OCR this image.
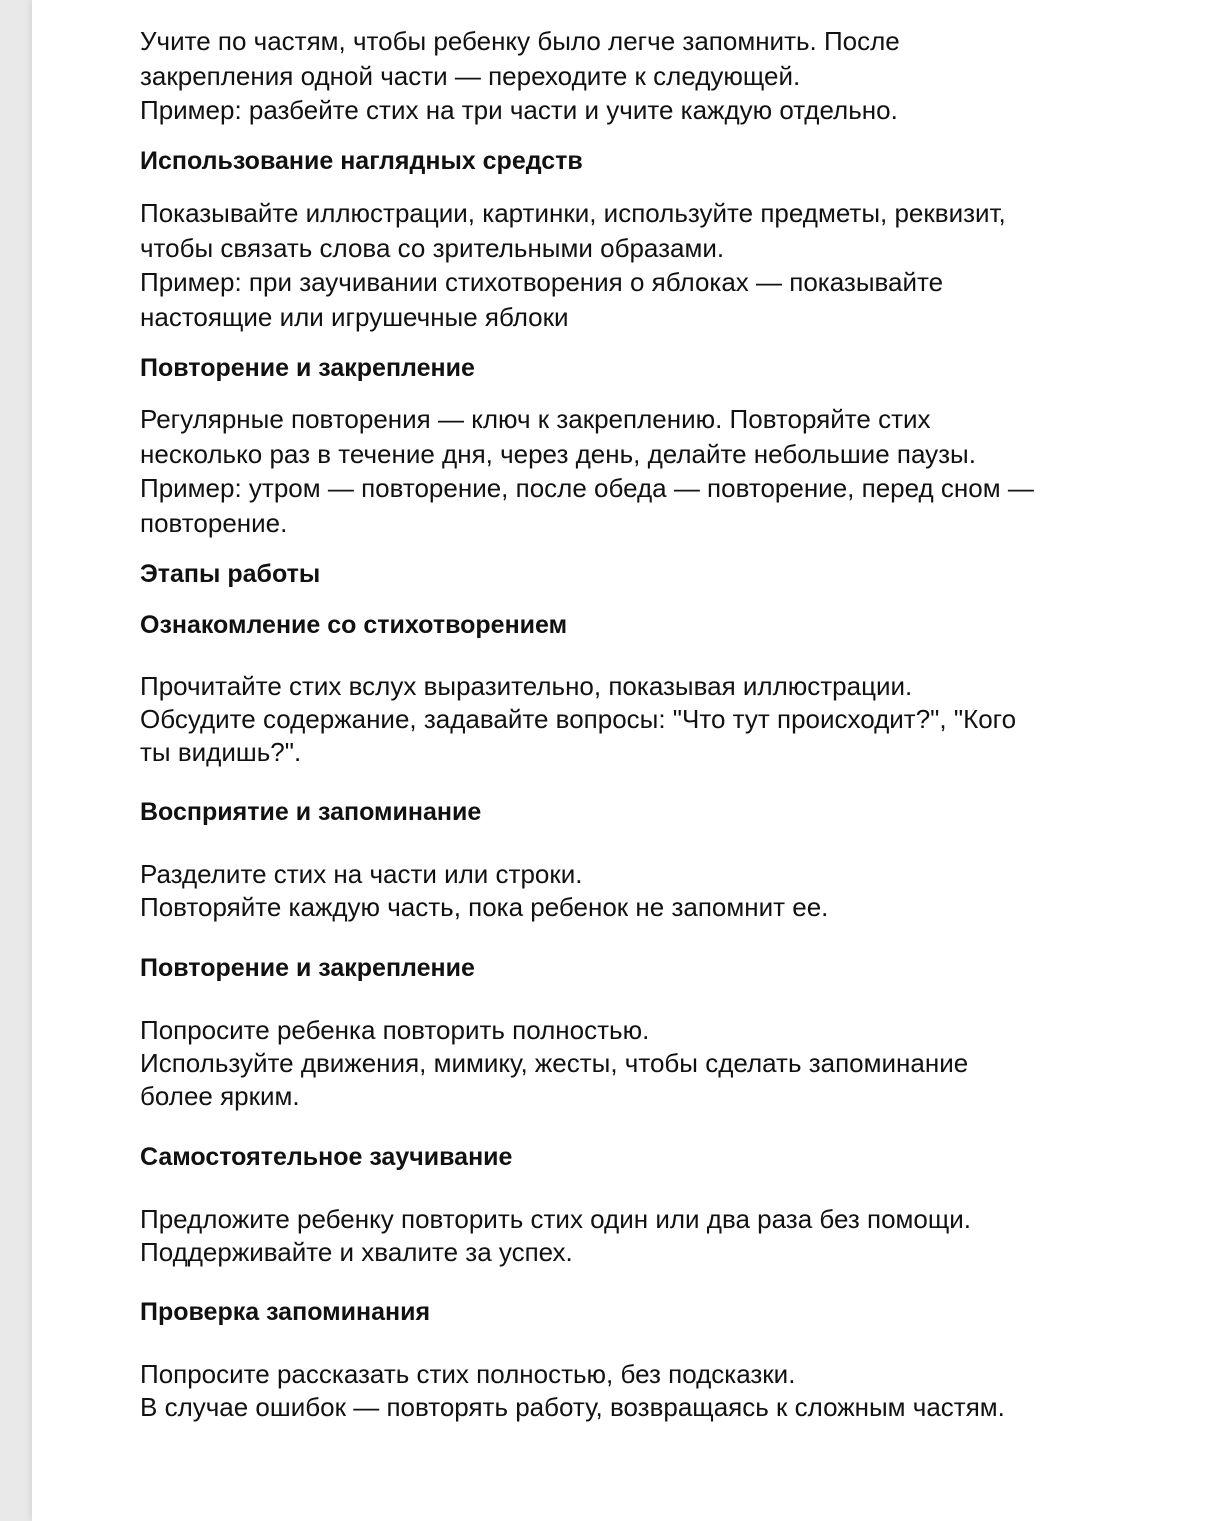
Учите по частям, чтобы ребенку было легче запомнить. После

закрепления одной части — переходите к следующей.

Пример: разбейте стих на три части и учите каждую отдельно.

Использование наглядных средств

Показывайте иллюстрации, картинки, используйте предметы, реквизит,

чтобы связать слова со зрительными образами.

Пример: при заучивании стихотворения о яблоках — показывайте

настоящие или игрушечные яблоки

Повторение и закрепление

Регулярные повторения — ключ к закреплению. Повторяйте стих

несколько раз в течение дня, через день, делайте небольшие паузы.

Пример: утром — повторение, после обеда — повторение, перед сном —

повторение.

Этапы работы
Ознакомление со стихотворением

Прочитайте стих вслух выразительно, показывая иллюстрации.

Обсудите содержание, задавайте вопросы: "Что тут происходит?", "Кого

ты видишь?".

Восприятие и запоминание

Разделите стих на части или строки.

Повторяйте каждую часть, пока ребенок не запомнит ее.

Повторение и закрепление

Попросите ребенка повторить полностью.

Используйте движения, мимику, жесты, чтобы сделать запоминание

более ярким.

Самостоятельное заучивание

Предложите ребенку повторить стих один или два раза без помощи.

Поддерживайте и хвалите за успех.

Проверка запоминания

Попросите рассказать стих полностью, без подсказки.

В случае ошибок — повторять работу, возвращаясь к сложным частям.
